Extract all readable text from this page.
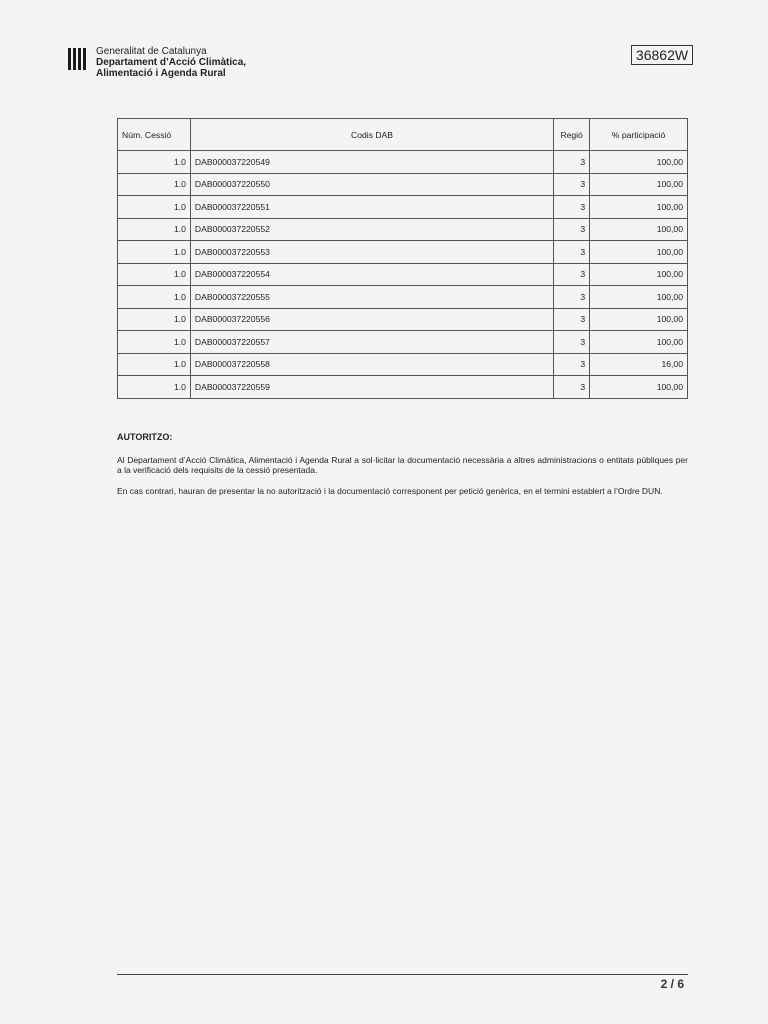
Generalitat de Catalunya
Departament d’Acció Climàtica,
Alimentació i Agenda Rural
36862W
Núm. Cessió	Codis DAB	Regió	% participació
1.0	DAB000037220549	3	100,00
1.0	DAB000037220550	3	100,00
1.0	DAB000037220551	3	100,00
1.0	DAB000037220552	3	100,00
1.0	DAB000037220553	3	100,00
1.0	DAB000037220554	3	100,00
1.0	DAB000037220555	3	100,00
1.0	DAB000037220556	3	100,00
1.0	DAB000037220557	3	100,00
1.0	DAB000037220558	3	16,00
1.0	DAB000037220559	3	100,00
AUTORITZO:

Al Departament d’Acció Climàtica, Alimentació i Agenda Rural a sol·licitar la documentació necessària a altres administracions o entitats públiques per a la verificació dels requisits de la cessió presentada.

En cas contrari, hauran de presentar la no autorització i la documentació corresponent per petició genèrica, en el termini establert a l’Ordre DUN.

2 / 6
